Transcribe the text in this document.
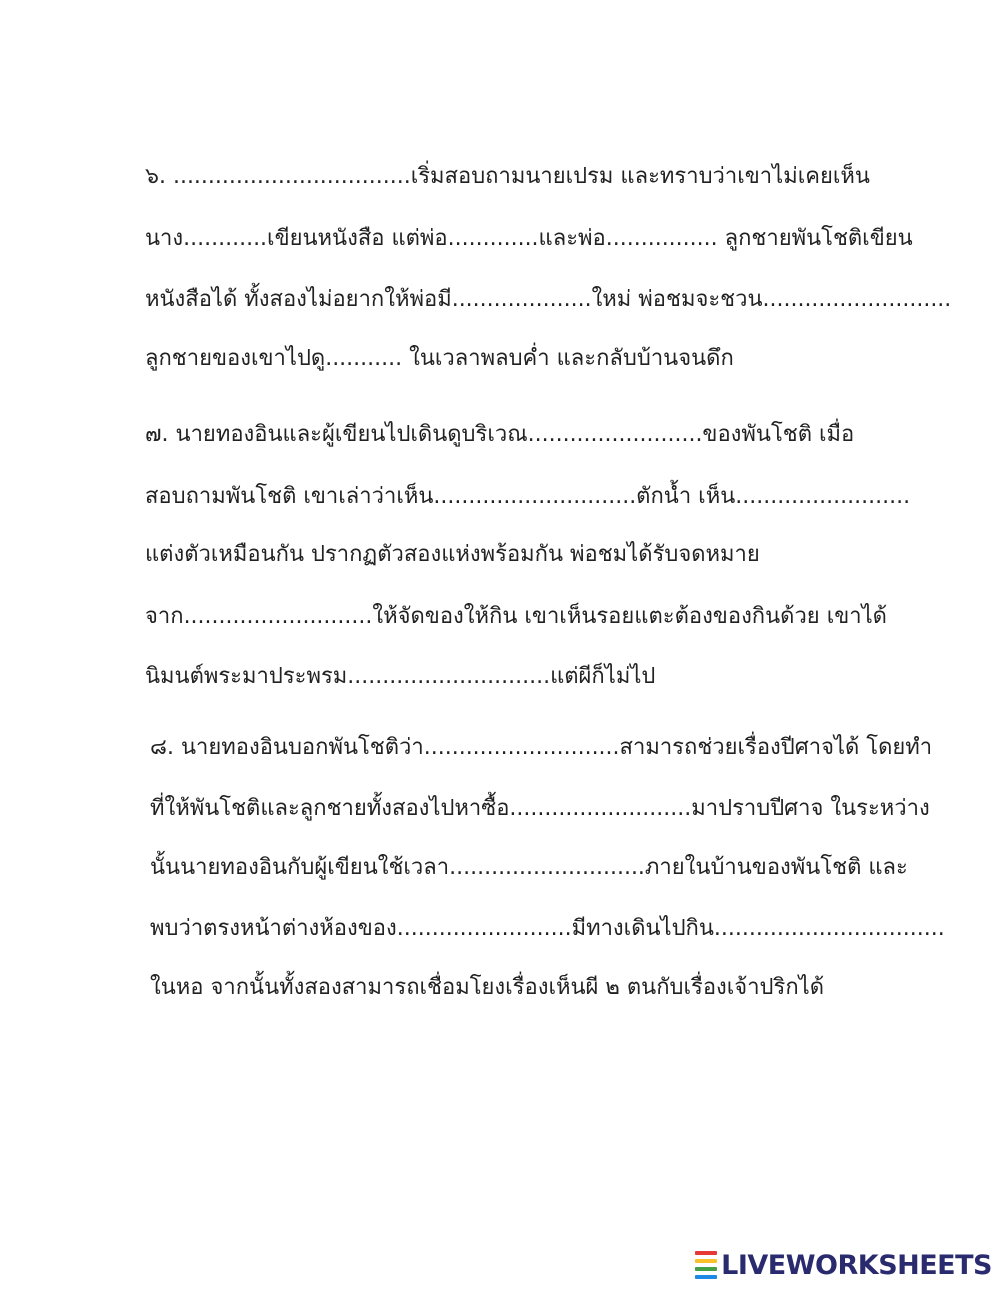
๖. ..................................เริ่มสอบถามนายเปรม และทราบว่าเขาไม่เคยเห็น
นาง............เขียนหนังสือ แต่พ่อ.............และพ่อ................ ลูกชายพันโชติเขียน
หนังสือได้ ทั้งสองไม่อยากให้พ่อมี....................ใหม่ พ่อชมจะชวน...........................
ลูกชายของเขาไปดู........... ในเวลาพลบค่ำ และกลับบ้านจนดึก
๗. นายทองอินและผู้เขียนไปเดินดูบริเวณ.........................ของพันโชติ เมื่อ
สอบถามพันโชติ เขาเล่าว่าเห็น.............................ตักน้ำ เห็น.........................
แต่งตัวเหมือนกัน ปรากฏตัวสองแห่งพร้อมกัน พ่อชมได้รับจดหมาย
จาก...........................ให้จัดของให้กิน เขาเห็นรอยแตะต้องของกินด้วย เขาได้
นิมนต์พระมาประพรม.............................แต่ผีก็ไม่ไป
๘. นายทองอินบอกพันโชติว่า............................สามารถช่วยเรื่องปีศาจได้ โดยทำ
ที่ให้พันโชติและลูกชายทั้งสองไปหาซื้อ..........................มาปราบปีศาจ ในระหว่าง
นั้นนายทองอินกับผู้เขียนใช้เวลา............................ภายในบ้านของพันโชติ และ
พบว่าตรงหน้าต่างห้องของ.........................มีทางเดินไปกิน.................................
ในหอ จากนั้นทั้งสองสามารถเชื่อมโยงเรื่องเห็นผี ๒ ตนกับเรื่องเจ้าปริกได้
LIVEWORKSHEETS
